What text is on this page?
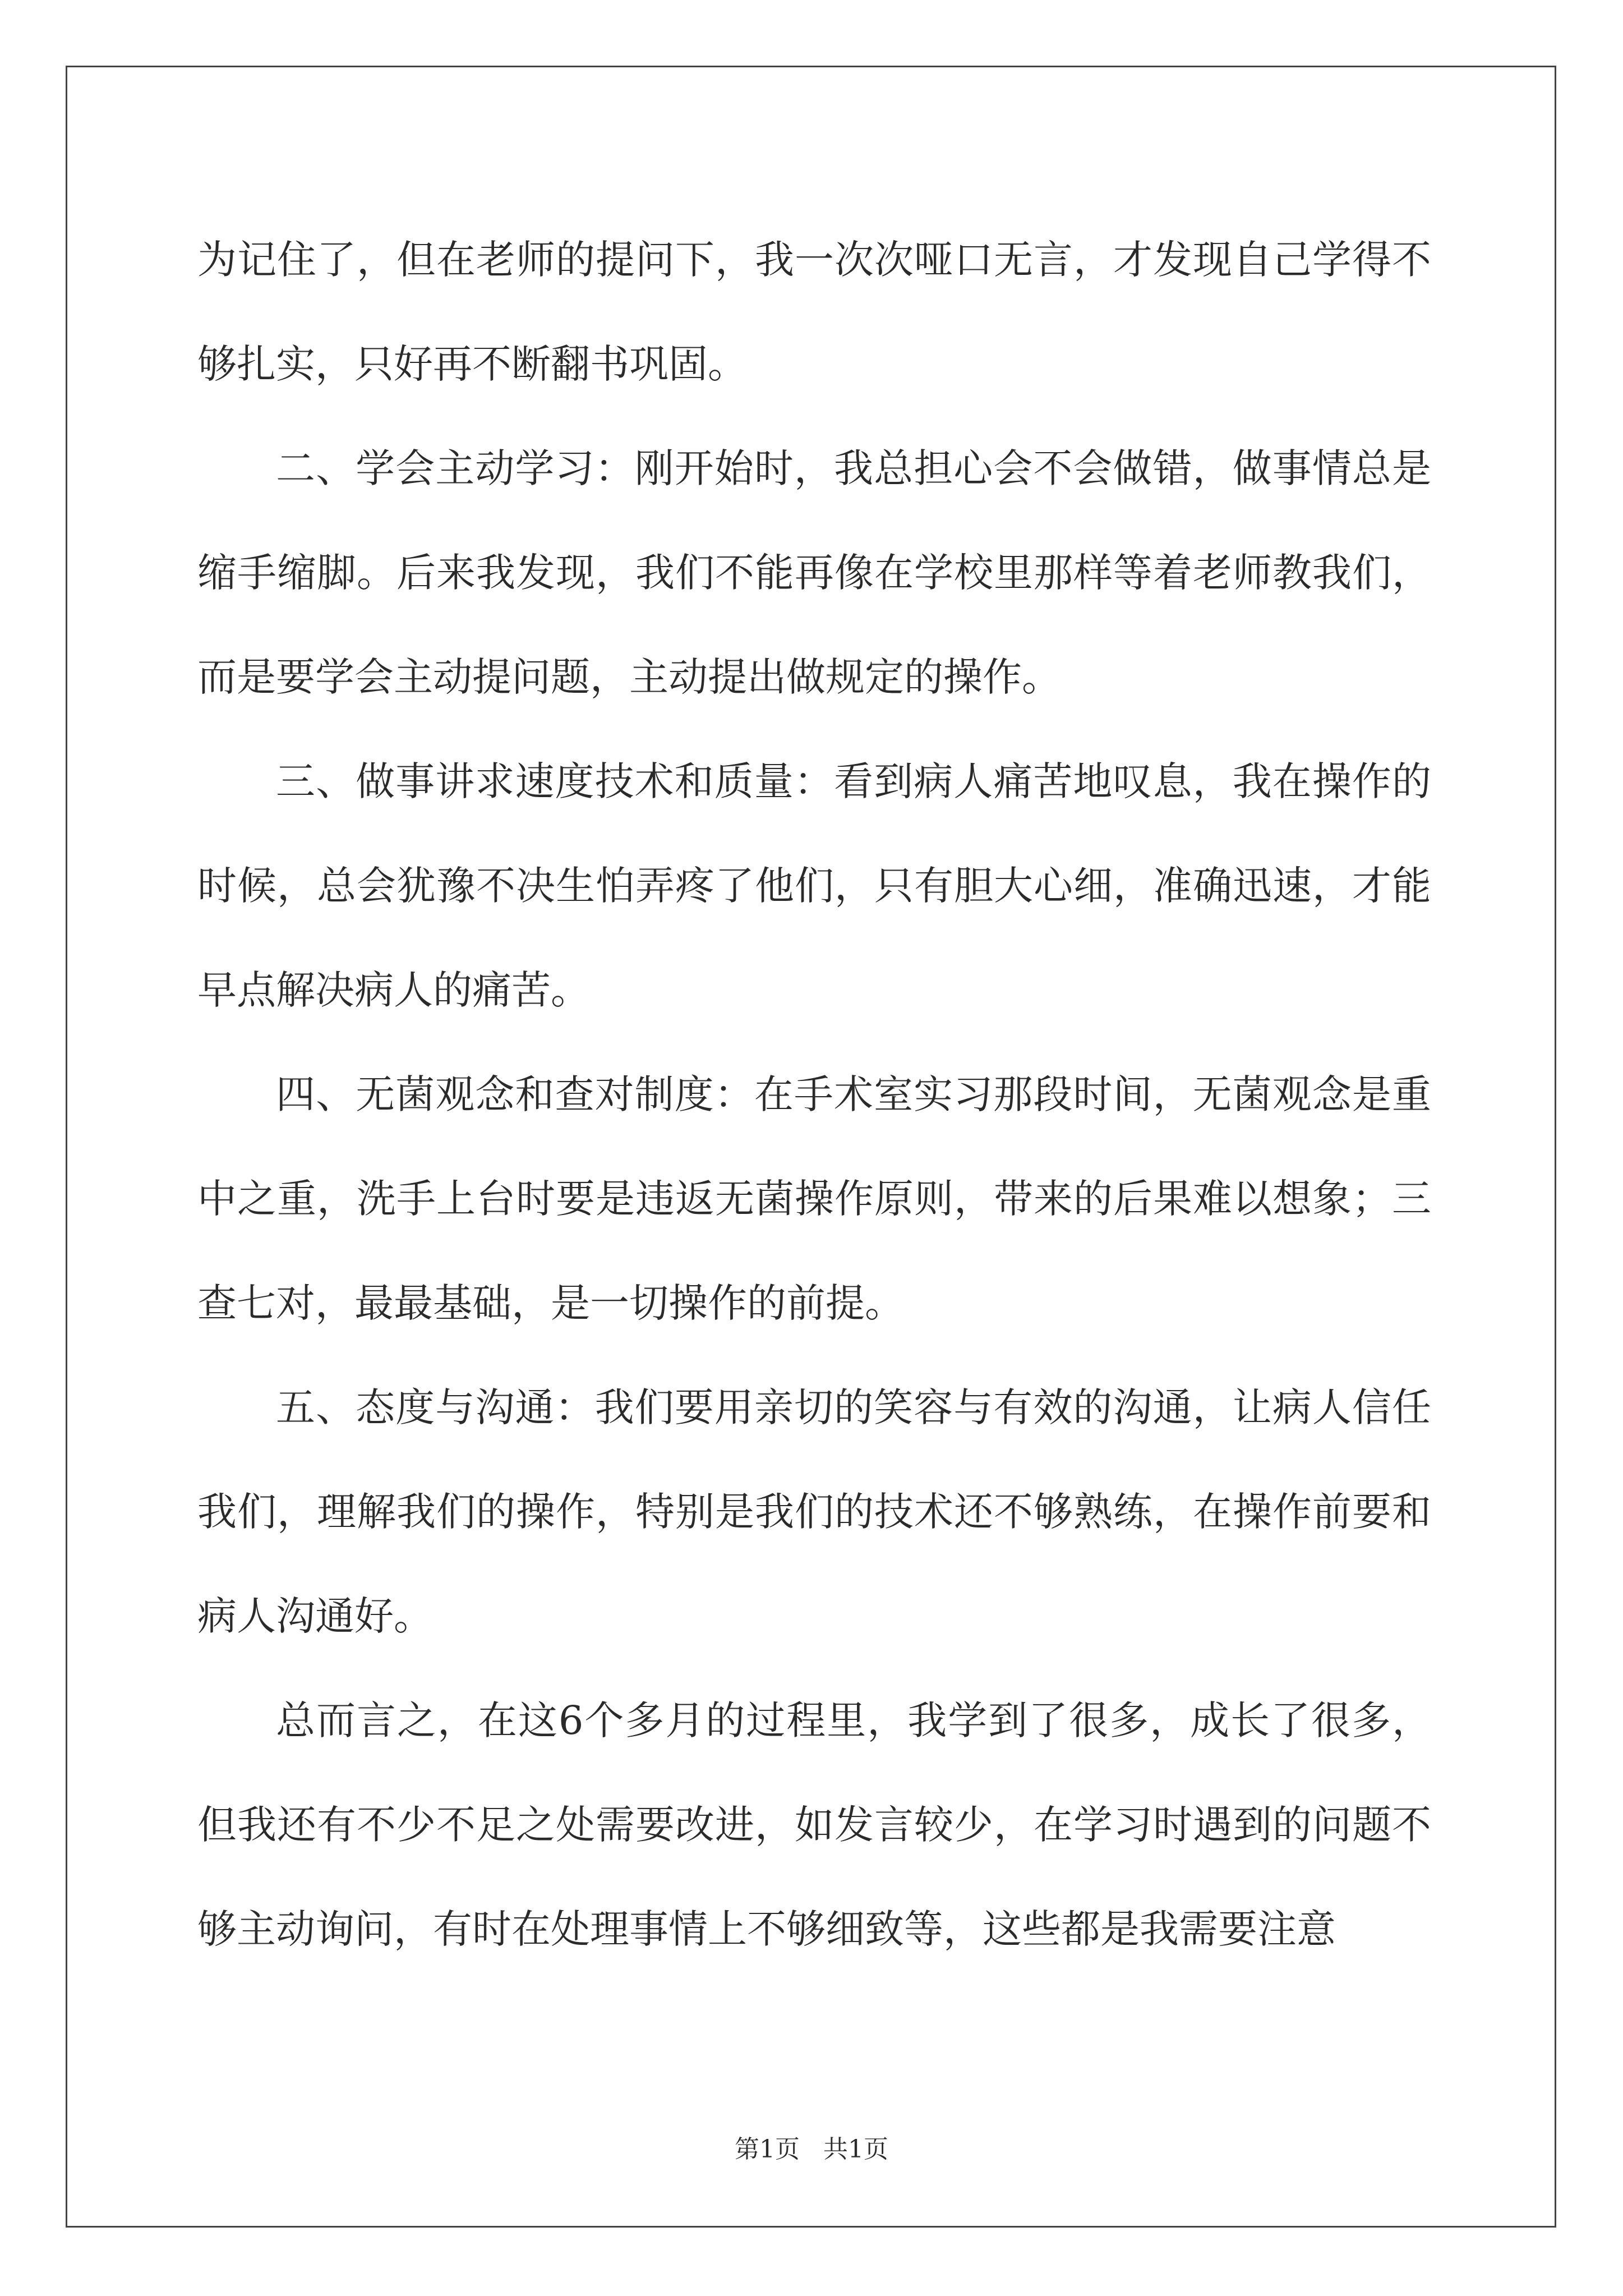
为记住了，但在老师的提问下，我一次次哑口无言，才发现自己学得不够扎实，只好再不断翻书巩固。

二、学会主动学习：刚开始时，我总担心会不会做错，做事情总是缩手缩脚。后来我发现，我们不能再像在学校里那样等着老师教我们，而是要学会主动提问题，主动提出做规定的操作。

三、做事讲求速度技术和质量：看到病人痛苦地叹息，我在操作的时候，总会犹豫不决生怕弄疼了他们，只有胆大心细，准确迅速，才能早点解决病人的痛苦。

四、无菌观念和查对制度：在手术室实习那段时间，无菌观念是重中之重，洗手上台时要是违返无菌操作原则，带来的后果难以想象；三查七对，最最基础，是一切操作的前提。

五、态度与沟通：我们要用亲切的笑容与有效的沟通，让病人信任我们，理解我们的操作，特别是我们的技术还不够熟练，在操作前要和病人沟通好。

总而言之，在这6个多月的过程里，我学到了很多，成长了很多，但我还有不少不足之处需要改进，如发言较少，在学习时遇到的问题不够主动询问，有时在处理事情上不够细致等，这些都是我需要注意

第1页 共1页
